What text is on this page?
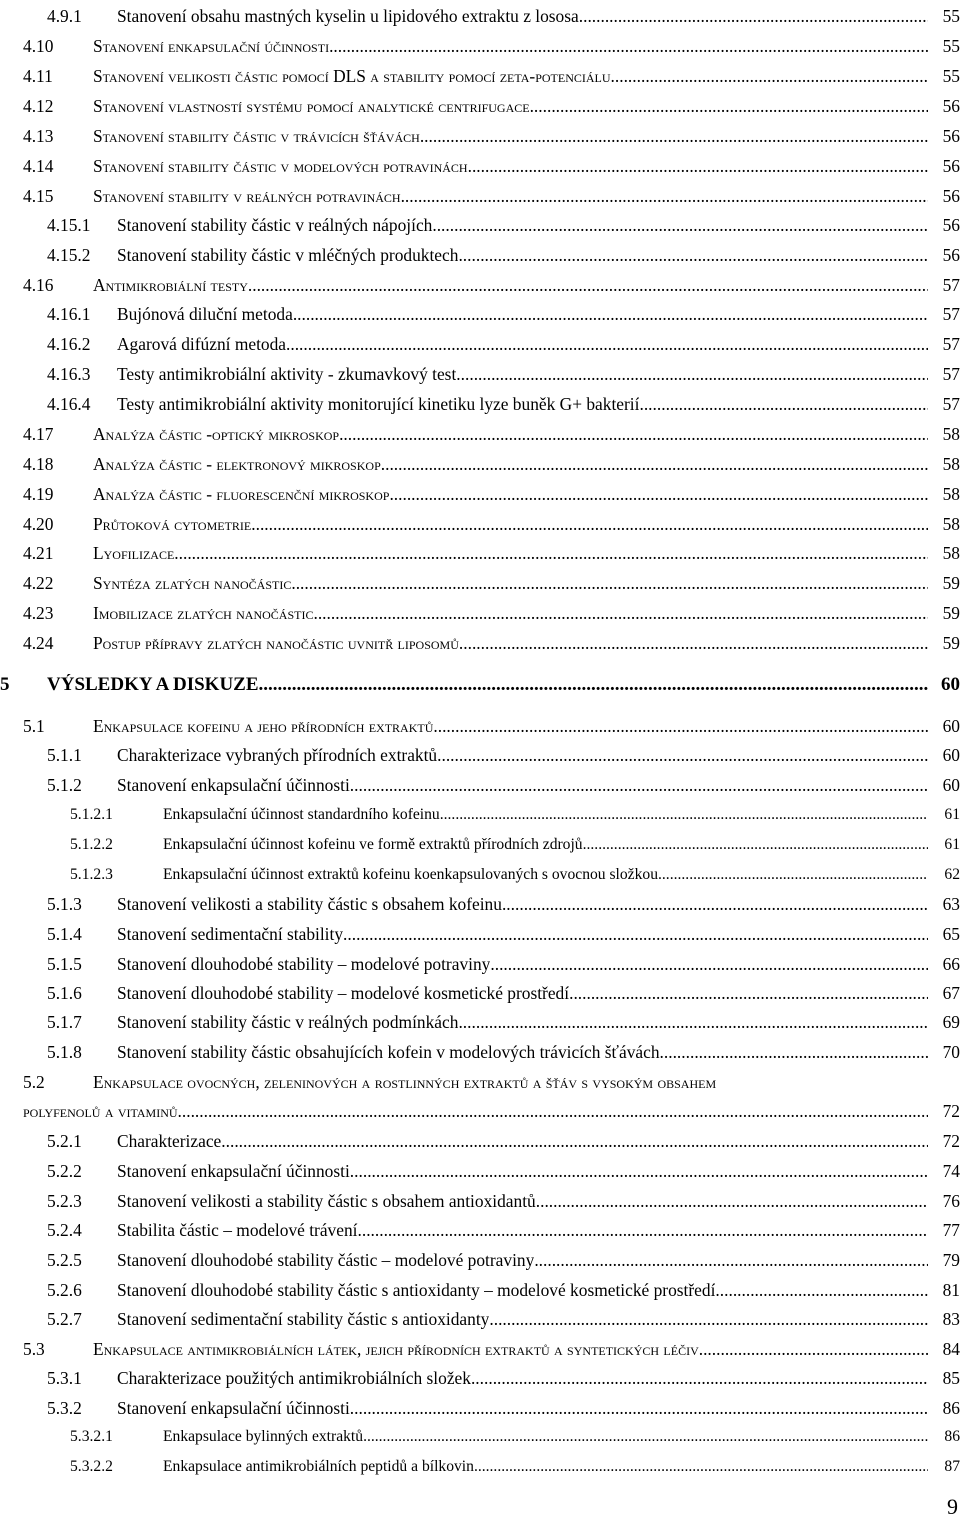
4.9.1	Stanovení obsahu mastných kyselin u lipidového extraktu z lososa .....	55
4.10	Stanovení enkapsulační účinnosti .....	55
4.11	Stanovení velikosti částic pomocí DLS a stability pomocí zeta-potenciálu .....	55
4.12	Stanovení vlastností systému pomocí analytické centrifugace .....	56
4.13	Stanovení stability částic v trávicích šťávách .....	56
4.14	Stanovení stability částic v modelových potravinách .....	56
4.15	Stanovení stability v reálných potravinách .....	56
4.15.1	Stanovení stability částic v reálných nápojích .....	56
4.15.2	Stanovení stability částic v mléčných produktech .....	56
4.16	Antimikrobiální testy .....	57
4.16.1	Bujónová diluční metoda .....	57
4.16.2	Agarová difúzní metoda .....	57
4.16.3	Testy antimikrobiální aktivity - zkumavkový test .....	57
4.16.4	Testy antimikrobiální aktivity monitorující kinetiku lyze buněk G+ bakterií .....	57
4.17	Analýza částic -optický mikroskop .....	58
4.18	Analýza částic - elektronový mikroskop .....	58
4.19	Analýza částic - fluorescenční mikroskop .....	58
4.20	Průtoková cytometrie .....	58
4.21	Lyofilizace .....	58
4.22	Syntéza zlatých nanočástic .....	59
4.23	Imobilizace zlatých nanočástic .....	59
4.24	Postup přípravy zlatých nanočástic uvnitř liposomů .....	59
5	VÝSLEDKY A DISKUZE .....	60
5.1	Enkapsulace kofeinu a jeho přírodních extraktů .....	60
5.1.1	Charakterizace vybraných přírodních extraktů .....	60
5.1.2	Stanovení enkapsulační účinnosti .....	60
5.1.2.1	Enkapsulační účinnost standardního kofeinu .....	61
5.1.2.2	Enkapsulační účinnost kofeinu ve formě extraktů přírodních zdrojů .....	61
5.1.2.3	Enkapsulační účinnost extraktů kofeinu koenkapsulovaných s ovocnou složkou .....	62
5.1.3	Stanovení velikosti a stability částic s obsahem kofeinu .....	63
5.1.4	Stanovení sedimentační stability .....	65
5.1.5	Stanovení dlouhodobé stability – modelové potraviny .....	66
5.1.6	Stanovení dlouhodobé stability – modelové kosmetické prostředí .....	67
5.1.7	Stanovení stability částic v reálných podmínkách .....	69
5.1.8	Stanovení stability částic obsahujících kofein v modelových trávicích šťávách .....	70
5.2	Enkapsulace ovocných, zeleninových a rostlinných extraktů a šťáv s vysokým obsahem
polyfenolů a vitaminů .....	72
5.2.1	Charakterizace .....	72
5.2.2	Stanovení enkapsulační účinnosti .....	74
5.2.3	Stanovení velikosti a stability částic s obsahem antioxidantů .....	76
5.2.4	Stabilita částic – modelové trávení .....	77
5.2.5	Stanovení dlouhodobé stability částic – modelové potraviny .....	79
5.2.6	Stanovení dlouhodobé stability částic s antioxidanty – modelové kosmetické prostředí .....	81
5.2.7	Stanovení sedimentační stability částic s antioxidanty .....	83
5.3	Enkapsulace antimikrobiálních látek, jejich přírodních extraktů a syntetických léčiv .....	84
5.3.1	Charakterizace použitých antimikrobiálních složek .....	85
5.3.2	Stanovení enkapsulační účinnosti .....	86
5.3.2.1	Enkapsulace bylinných extraktů .....	86
5.3.2.2	Enkapsulace antimikrobiálních peptidů a bílkovin .....	87
9
